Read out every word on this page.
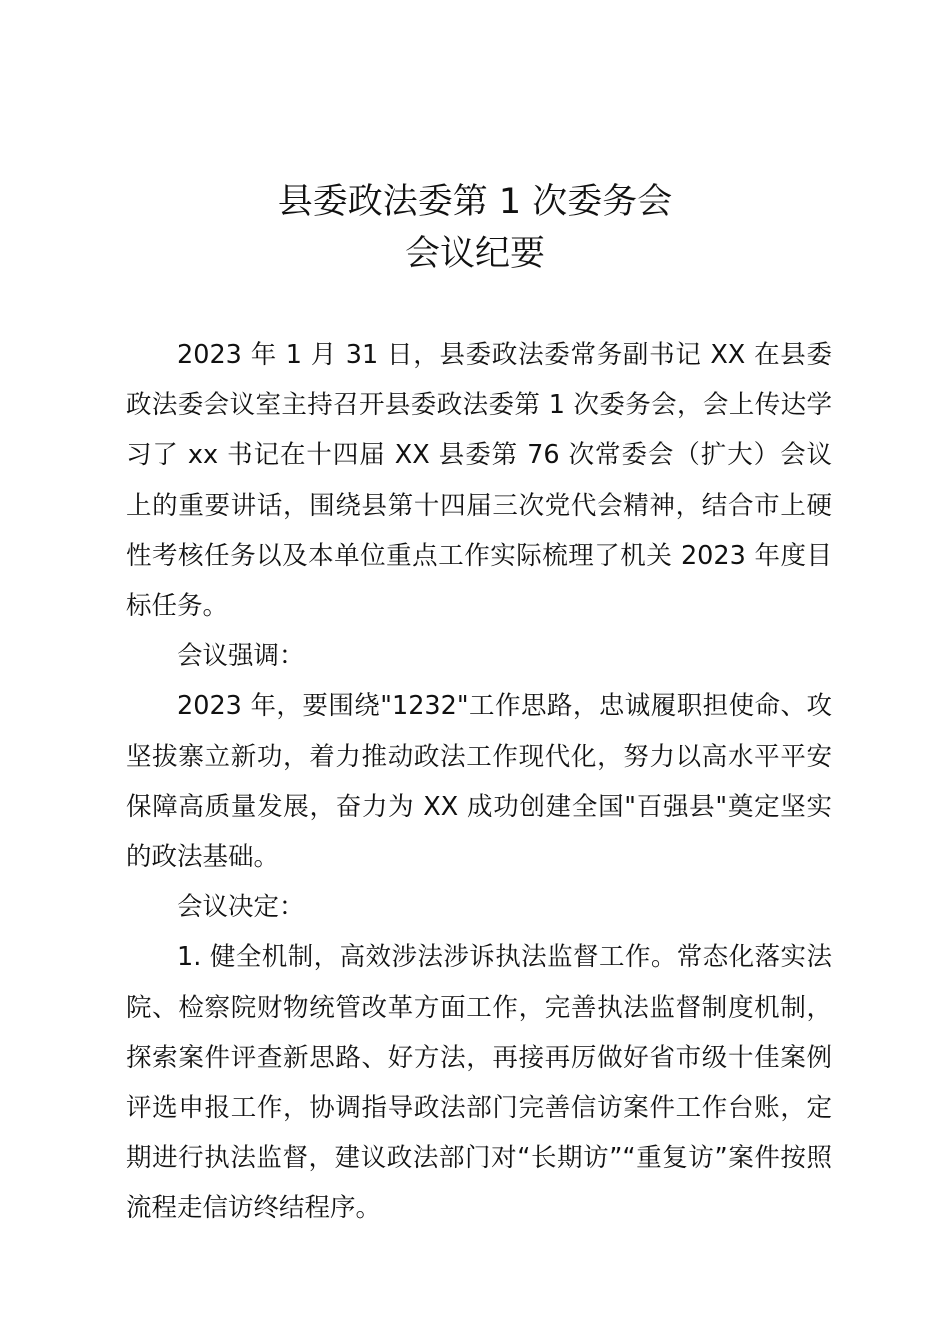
县委政法委第 1 次委务会
会议纪要

2023 年 1 月 31 日，县委政法委常务副书记 XX 在县委政法委会议室主持召开县委政法委第 1 次委务会，会上传达学习了 xx 书记在十四届 XX 县委第 76 次常委会（扩大）会议上的重要讲话，围绕县第十四届三次党代会精神，结合市上硬性考核任务以及本单位重点工作实际梳理了机关 2023 年度目标任务。

会议强调：

2023 年，要围绕"1232"工作思路，忠诚履职担使命、攻坚拔寨立新功，着力推动政法工作现代化，努力以高水平平安保障高质量发展，奋力为 XX 成功创建全国"百强县"奠定坚实的政法基础。

会议决定：

1. 健全机制，高效涉法涉诉执法监督工作。常态化落实法院、检察院财物统管改革方面工作，完善执法监督制度机制，探索案件评查新思路、好方法，再接再厉做好省市级十佳案例评选申报工作，协调指导政法部门完善信访案件工作台账，定期进行执法监督，建议政法部门对“长期访”“重复访”案件按照流程走信访终结程序。
